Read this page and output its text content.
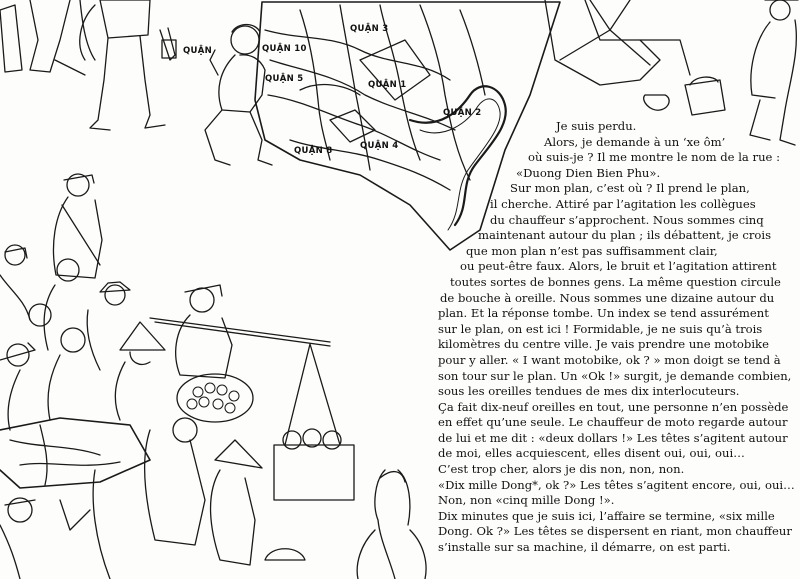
QUẬN 3
QUẬN 10
QUẬN 5
QUẬN 1
QUẬN 2
QUẬN 8	QUẬN 4
QUẬN
Je suis perdu.
Alors, je demande à un ‘xe ôm’
où suis-je ? Il me montre le nom de la rue :
«Duong Dien Bien Phu».
Sur mon plan, c’est où ? Il prend le plan,
il cherche. Attiré par l’agitation les collègues
du chauffeur s’approchent. Nous sommes cinq
maintenant autour du plan ; ils débattent, je crois
que mon plan n’est pas suffisamment clair,
ou peut-être faux. Alors, le bruit et l’agitation attirent
toutes sortes de bonnes gens. La même question circule
de bouche à oreille. Nous sommes une dizaine autour du
plan. Et la réponse tombe. Un index se tend assurément
sur le plan, on est ici ! Formidable, je ne suis qu’à trois
kilomètres du centre ville. Je vais prendre une motobike
pour y aller. « I want motobike, ok ? » mon doigt se tend à
son tour sur le plan. Un «Ok !» surgit, je demande combien,
sous les oreilles tendues de mes dix interlocuteurs.
Ça fait dix-neuf oreilles en tout, une personne n’en possède
en effet qu’une seule. Le chauffeur de moto regarde autour
de lui et me dit : «deux dollars !» Les têtes s’agitent autour
de moi, elles acquiescent, elles disent oui, oui, oui…
C’est trop cher, alors je dis non, non, non.
«Dix mille Dong*, ok ?» Les têtes s’agitent encore, oui, oui…
Non, non «cinq mille Dong !».
Dix minutes que je suis ici, l’affaire se termine, «six mille
Dong. Ok ?» Les têtes se dispersent en riant, mon chauffeur
s’installe sur sa machine, il démarre, on est parti.
